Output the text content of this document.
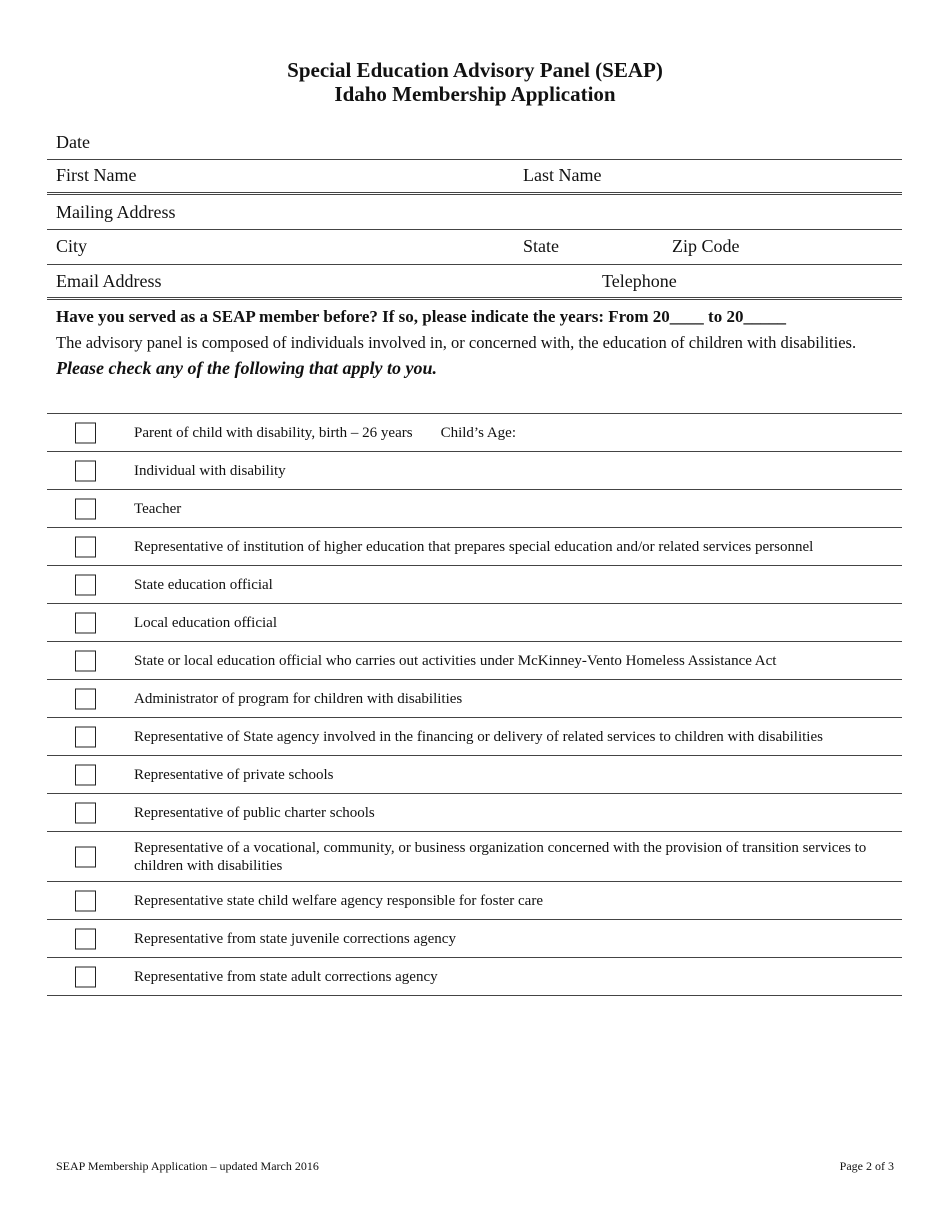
Special Education Advisory Panel (SEAP)
Idaho Membership Application
Date
First Name	Last Name
Mailing Address
City	State	Zip Code
Email Address	Telephone
Have you served as a SEAP member before? If so, please indicate the years: From 20____ to 20_____
The advisory panel is composed of individuals involved in, or concerned with, the education of children with disabilities.
Please check any of the following that apply to you.
Parent of child with disability, birth – 26 years Child’s Age:
Individual with disability
Teacher
Representative of institution of higher education that prepares special education and/or related services personnel
State education official
Local education official
State or local education official who carries out activities under McKinney-Vento Homeless Assistance Act
Administrator of program for children with disabilities
Representative of State agency involved in the financing or delivery of related services to children with disabilities
Representative of private schools
Representative of public charter schools
Representative of a vocational, community, or business organization concerned with the provision of transition services to children with disabilities
Representative state child welfare agency responsible for foster care
Representative from state juvenile corrections agency
Representative from state adult corrections agency
SEAP Membership Application – updated March 2016	Page 2 of 3
